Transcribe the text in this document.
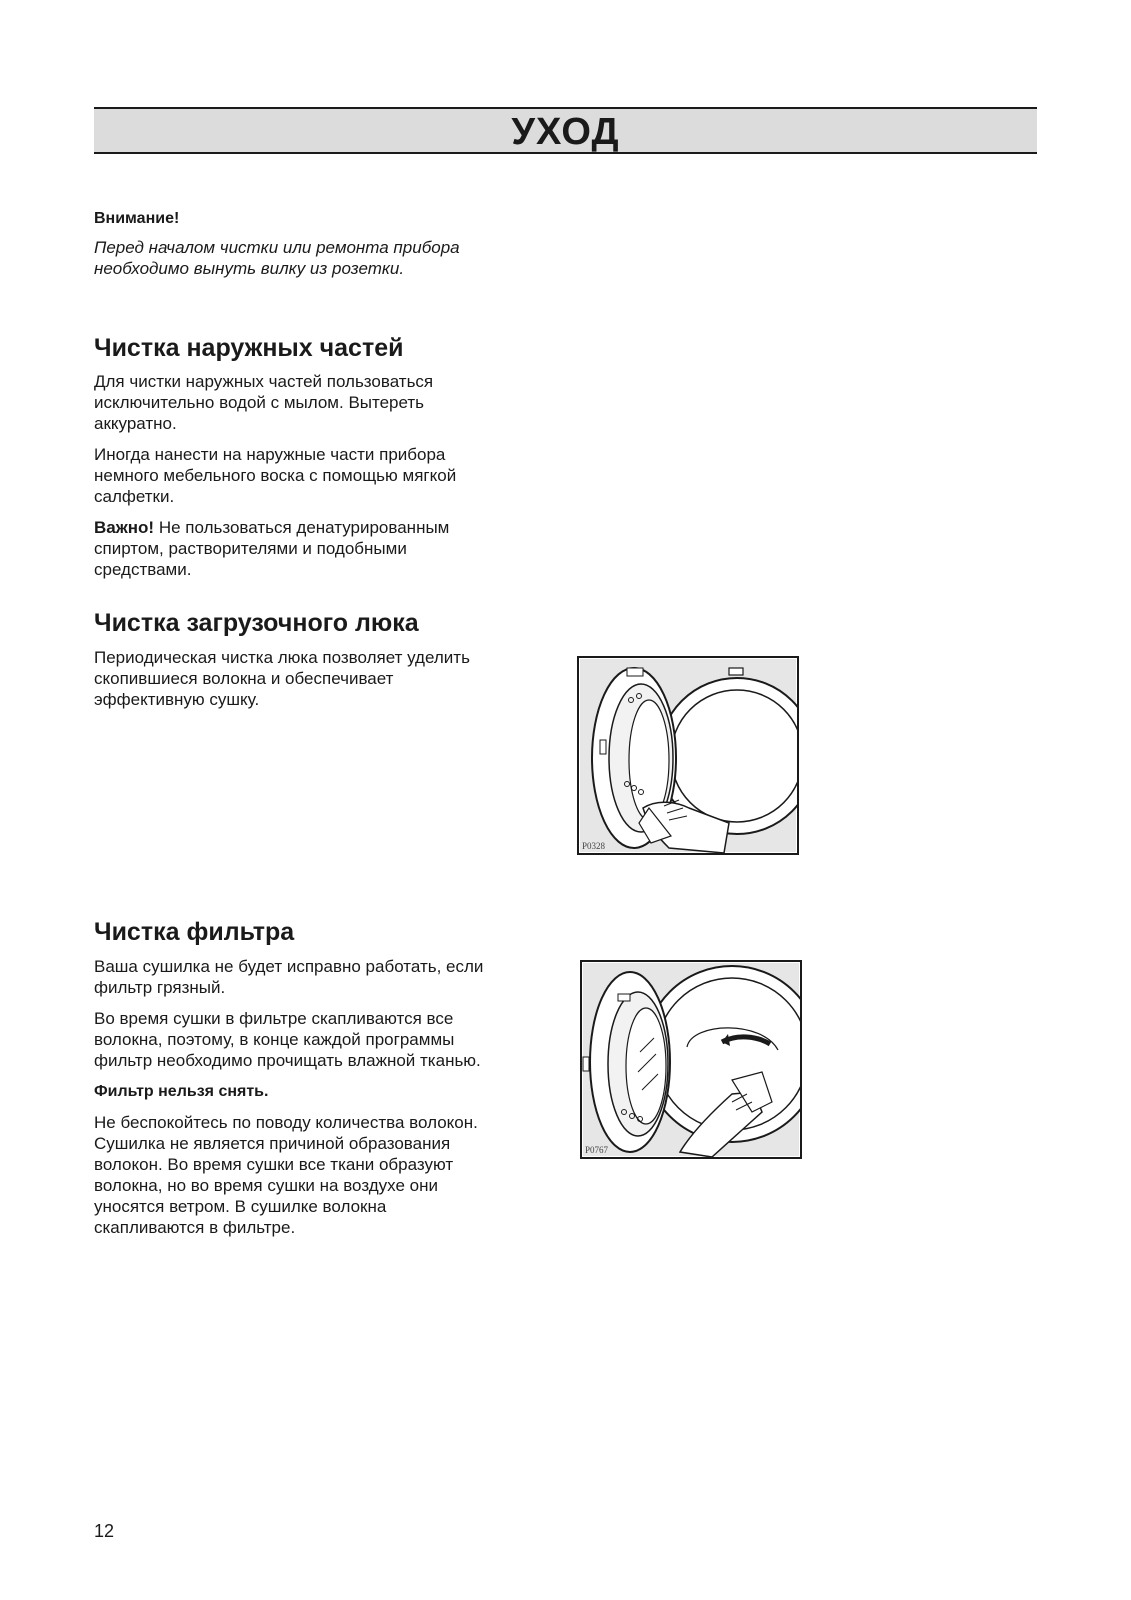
УХОД
Внимание!
Перед началом чистки или ремонта прибора
необходимо вынуть вилку из розетки.
Чистка наружных частей

Для чистки наружных частей пользоваться
исключительно водой с мылом. Вытереть
аккуратно.

Иногда нанести на наружные части прибора
немного мебельного воска с помощью мягкой
салфетки.

Важно! Не пользоваться денатурированным
спиртом, растворителями и подобными
средствами.

Чистка загрузочного люка

Периодическая чистка люка позволяет уделить
скопившиеся волокна и обеспечивает
эффективную сушку.

P0328
Чистка фильтра

Ваша сушилка не будет исправно работать, если
фильтр грязный.

Во время сушки в фильтре скапливаются все
волокна, поэтому, в конце каждой программы
фильтр необходимо прочищать влажной тканью.

Фильтр нельзя снять.

Не беспокойтесь по поводу количества волокон.
Сушилка не является причиной образования
волокон. Во время сушки все ткани образуют
волокна, но во время сушки на воздухе они
уносятся ветром. В сушилке волокна
скапливаются в фильтре.

P0767
12
